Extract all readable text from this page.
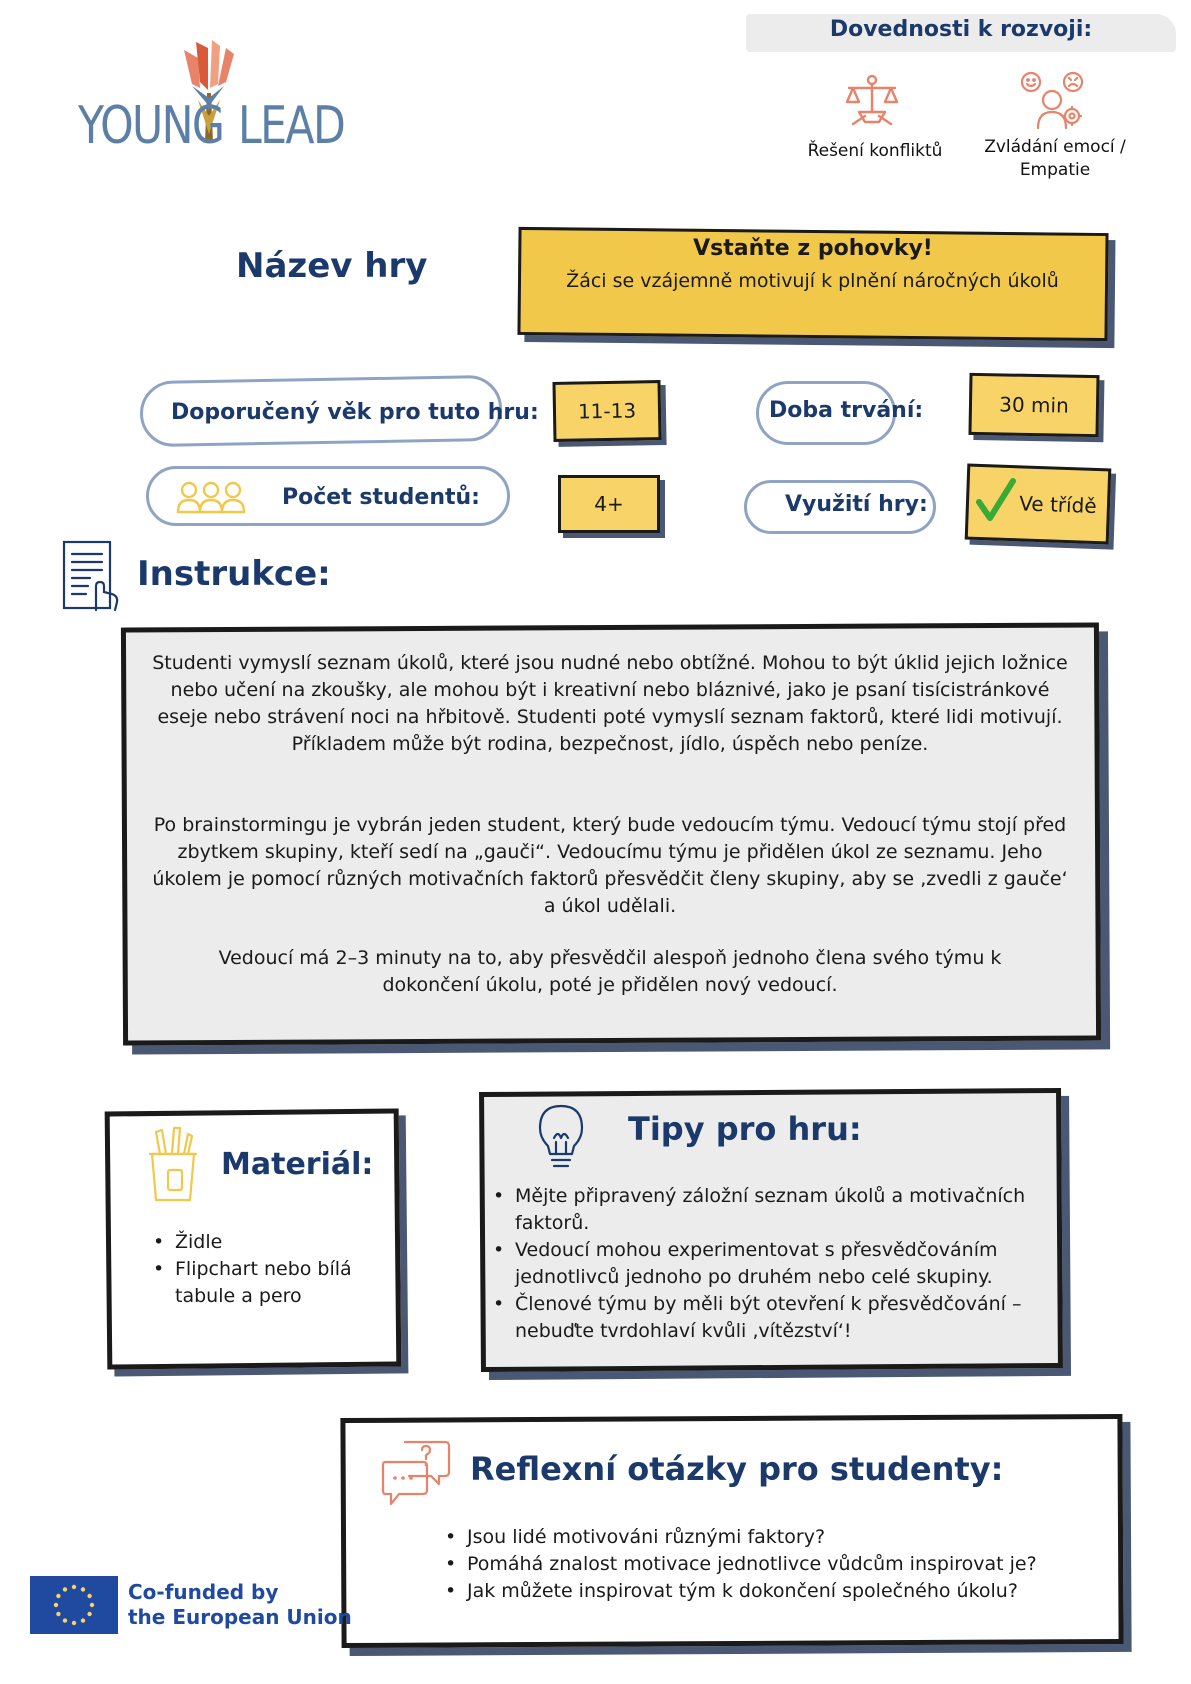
YOUNG LEAD
Dovednosti k rozvoji:
Řešení konfliktů	Zvládání emocí /
Empatie
Název hry	Vstaňte z pohovky!
Žáci se vzájemně motivují k plnění náročných úkolů
Doporučený věk pro tuto hru:	11-13	Doba trvání:	30 min
Počet studentů:	4+	Využití hry:	Ve třídě
Instrukce:
Studenti vymyslí seznam úkolů, které jsou nudné nebo obtížné. Mohou to být úklid jejich ložnice nebo učení na zkoušky, ale mohou být i kreativní nebo bláznivé, jako je psaní tisícistránkové eseje nebo strávení noci na hřbitově. Studenti poté vymyslí seznam faktorů, které lidi motivují. Příkladem může být rodina, bezpečnost, jídlo, úspěch nebo peníze.
Po brainstormingu je vybrán jeden student, který bude vedoucím týmu. Vedoucí týmu stojí před zbytkem skupiny, kteří sedí na „gauči“. Vedoucímu týmu je přidělen úkol ze seznamu. Jeho úkolem je pomocí různých motivačních faktorů přesvědčit členy skupiny, aby se ‚zvedli z gauče‘ a úkol udělali.
Vedoucí má 2–3 minuty na to, aby přesvědčil alespoň jednoho člena svého týmu k dokončení úkolu, poté je přidělen nový vedoucí.
Materiál:
• Židle
• Flipchart nebo bílá tabule a pero
Tipy pro hru:
• Mějte připravený záložní seznam úkolů a motivačních faktorů.
• Vedoucí mohou experimentovat s přesvědčováním jednotlivců jednoho po druhém nebo celé skupiny.
• Členové týmu by měli být otevření k přesvědčování – nebuďte tvrdohlaví kvůli ‚vítězství‘!
Reflexní otázky pro studenty:
• Jsou lidé motivováni různými faktory?
• Pomáhá znalost motivace jednotlivce vůdcům inspirovat je?
• Jak můžete inspirovat tým k dokončení společného úkolu?
Co-funded by
the European Union
